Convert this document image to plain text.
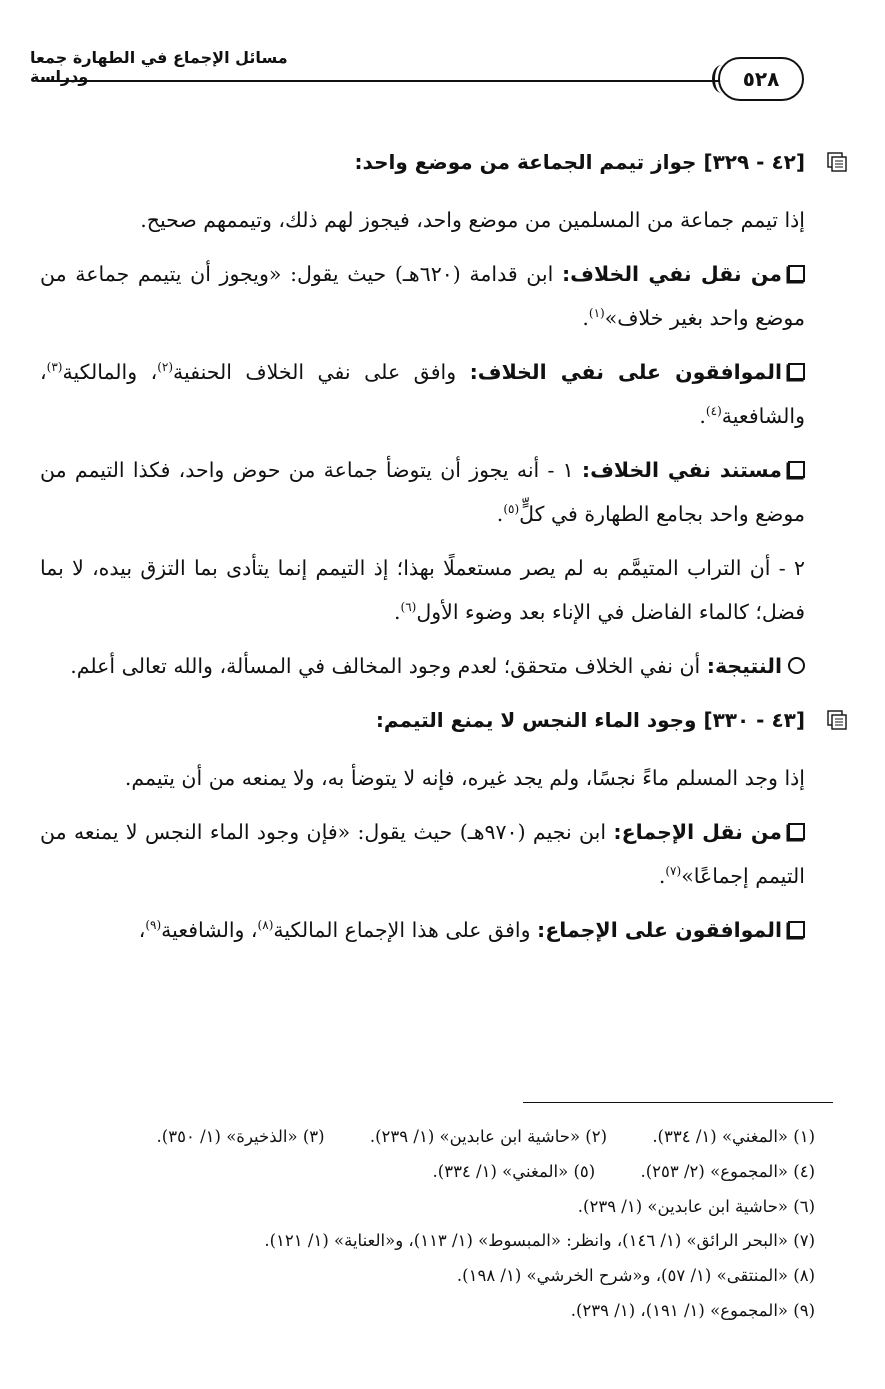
مسائل الإجماع في الطهارة جمعا ودراسة	٥٢٨
[٤٢ - ٣٢٩] جواز تيمم الجماعة من موضع واحد:

إذا تيمم جماعة من المسلمين من موضع واحد، فيجوز لهم ذلك، وتيممهم صحيح.

من نقل نفي الخلاف: ابن قدامة (٦٢٠هـ) حيث يقول: «ويجوز أن يتيمم جماعة من موضع واحد بغير خلاف»$^{(١)}$.

الموافقون على نفي الخلاف: وافق على نفي الخلاف الحنفية$^{(٢)}$، والمالكية$^{(٣)}$، والشافعية$^{(٤)}$.

مستند نفي الخلاف: ١ - أنه يجوز أن يتوضأ جماعة من حوض واحد، فكذا التيمم من موضع واحد بجامع الطهارة في كلٍّ$^{(٥)}$.

٢ - أن التراب المتيمَّم به لم يصر مستعملًا بهذا؛ إذ التيمم إنما يتأدى بما التزق بيده، لا بما فضل؛ كالماء الفاضل في الإناء بعد وضوء الأول$^{(٦)}$.

النتيجة: أن نفي الخلاف متحقق؛ لعدم وجود المخالف في المسألة، والله تعالى أعلم.

[٤٣ - ٣٣٠] وجود الماء النجس لا يمنع التيمم:

إذا وجد المسلم ماءً نجسًا، ولم يجد غيره، فإنه لا يتوضأ به، ولا يمنعه من أن يتيمم.

من نقل الإجماع: ابن نجيم (٩٧٠هـ) حيث يقول: «فإن وجود الماء النجس لا يمنعه من التيمم إجماعًا»$^{(٧)}$.

الموافقون على الإجماع: وافق على هذا الإجماع المالكية$^{(٨)}$، والشافعية$^{(٩)}$،

(١) «المغني» (١/ ٣٣٤). (٢) «حاشية ابن عابدين» (١/ ٢٣٩). (٣) «الذخيرة» (١/ ٣٥٠).
(٤) «المجموع» (٢/ ٢٥٣). (٥) «المغني» (١/ ٣٣٤).
(٦) «حاشية ابن عابدين» (١/ ٢٣٩).
(٧) «البحر الرائق» (١/ ١٤٦)، وانظر: «المبسوط» (١/ ١١٣)، و«العناية» (١/ ١٢١).
(٨) «المنتقى» (١/ ٥٧)، و«شرح الخرشي» (١/ ١٩٨).
(٩) «المجموع» (١/ ١٩١)، (١/ ٢٣٩).
